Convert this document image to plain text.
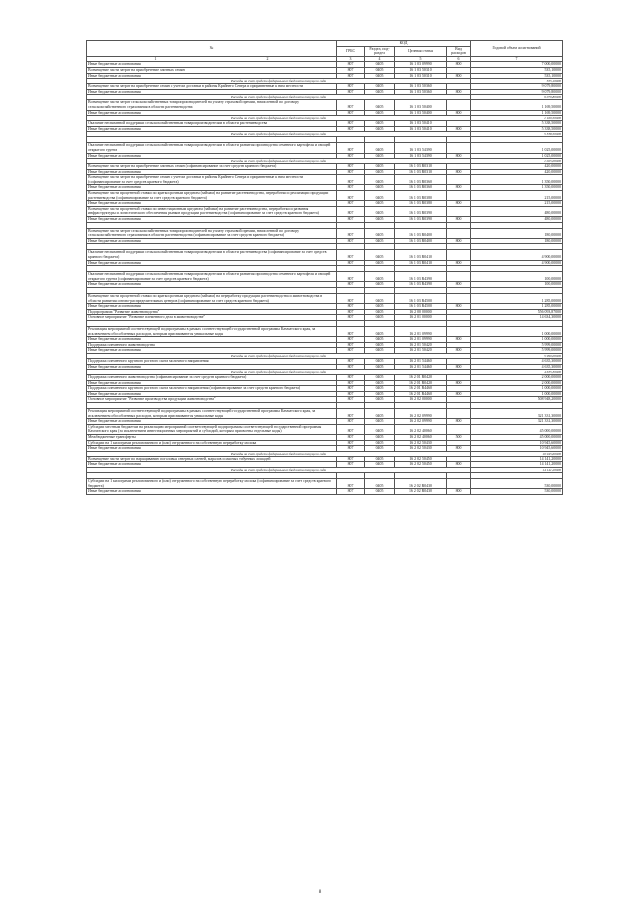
№	КОД				Годовой объем ассигнований
	ГРБС	Раздел, под-раздел	Целевая статья	Вид расходов	
1 2	3	4	5	6	7
Иные бюджетные ассигнования	807	0405	16 1 03 09990	800	7 000,00000
Возмещение части затрат на приобретение элитных семян	807	0405	16 1 03 50310		535,10000
Иные бюджетные ассигнования	807	0405	16 1 03 50310	800	535,10000
Расходы за счет средств федерального бюджета текущего года					535,10000
Возмещение части затрат на приобретение семян с учетом доставки в районы Крайнего Севера и приравненные к ним местности	807	0405	16 1 03 50360		9 079,80000
Иные бюджетные ассигнования	807	0405	16 1 03 50360	800	9 079,80000
Расходы за счет средств федерального бюджета текущего года					9 079,80000
Возмещение части затрат сельскохозяйственных товаропроизводителей на уплату страховой премии, начисленной по договору сельскохозяйственного страхования в области растениеводства	807	0405	16 1 03 50400		1 169,50000
Иные бюджетные ассигнования	807	0405	16 1 03 50400	800	1 169,50000
Расходы за счет средств федерального бюджета текущего года					1 169,50000
Оказание несвязанной поддержки сельскохозяйственным товаропроизводителям в области растениеводства	807	0405	16 1 03 50410		5 338,50000
Иные бюджетные ассигнования	807	0405	16 1 03 50410	800	5 338,50000
Расходы за счет средств федерального бюджета текущего года					5 338,50000

Оказание несвязанной поддержки сельскохозяйственным товаропроизводителям в области развития производства семенного картофеля и овощей открытого грунта	807	0405	16 1 03 54390		1 025,00000
Иные бюджетные ассигнования	807	0405	16 1 03 54390	800	1 025,00000
Расходы за счет средств федерального бюджета текущего года					1 025,00000
Возмещение части затрат на приобретение элитных семян (софинансирование за счет средств краевого бюджета)	807	0405	16 1 03 R0310		420,00000
Иные бюджетные ассигнования	807	0405	16 1 03 R0310	800	420,00000
Возмещение части затрат на приобретение семян с учетом доставки в районы Крайнего Севера и приравненные к ним местности (софинансирование за счет средств краевого бюджета)	807	0405	16 1 03 R0360		1 350,00000
Иные бюджетные ассигнования	807	0405	16 1 03 R0360	800	1 350,00000
Возмещение части процентной ставки по краткосрочным кредитам (займам) на развитие растениеводства, переработки и реализации продукции растениеводства (софинансирование за счет средств краевого бюджета)	807	0405	16 1 03 R0380		215,00000
Иные бюджетные ассигнования	807	0405	16 1 03 R0380	800	215,00000
Возмещение части процентной ставки по инвестиционным кредитам (займам) на развитие растениеводства, переработки и развития инфраструктуры и логистического обеспечения рынков продукции растениеводства (софинансирование за счет средств краевого бюджета)	807	0405	16 1 03 R0390		480,00000
Иные бюджетные ассигнования	807	0405	16 1 03 R0390	800	480,00000

Возмещение части затрат сельскохозяйственных товаропроизводителей на уплату страховой премии, начисленной по договору сельскохозяйственного страхования в области растениеводства (софинансирование за счет средств краевого бюджета)	807	0405	16 1 03 R0400		180,00000
Иные бюджетные ассигнования	807	0405	16 1 03 R0400	800	180,00000

Оказание несвязанной поддержки сельскохозяйственным товаропроизводителям в области растениеводства (софинансирование за счет средств краевого бюджета)	807	0405	16 1 03 R0410		4 900,00000
Иные бюджетные ассигнования	807	0405	16 1 03 R0410	800	4 900,00000

Оказание несвязанной поддержки сельскохозяйственным товаропроизводителям в области развития производства семенного картофеля и овощей открытого грунта (софинансирование за счет средств краевого бюджета)	807	0405	16 1 03 R4390		100,00000
Иные бюджетные ассигнования	807	0405	16 1 03 R4390	800	100,00000

Возмещение части процентной ставки по краткосрочным кредитам (займам) на переработку продукции растениеводства и животноводства в области развития оптово-распределительных центров (софинансирование за счет средств краевого бюджета)	807	0405	16 1 03 R4500		1 285,00000
Иные бюджетные ассигнования	807	0405	16 1 03 R4500	800	1 285,00000
Подпрограмма "Развитие животноводства"	807	0405	16 2 00 00000		556 093,87000
Основное мероприятие "Развитие племенного дела в животноводстве"	807	0405	16 2 01 00000		14 634,30000

Реализация мероприятий соответствующей подпрограммы в рамках соответствующей государственной программы Камчатского края, за исключением обособленных расходов, которым присваиваются уникальные коды	807	0405	16 2 01 09990		1 000,00000
Иные бюджетные ассигнования	807	0405	16 2 01 09990	800	1 000,00000
Поддержка племенного животноводства	807	0405	16 2 01 50420		5 999,00000
Иные бюджетные ассигнования	807	0405	16 2 01 50420	800	5 999,00000
Расходы за счет средств федерального бюджета текущего года					5 999,00000
Поддержка племенного крупного рогатого скота молочного направления	807	0405	16 2 01 54460		4 635,30000
Иные бюджетные ассигнования	807	0405	16 2 01 54460	800	4 635,30000
Расходы за счет средств федерального бюджета текущего года					4 635,30000
Поддержка племенного животноводства (софинансирование за счет средств краевого бюджета)	807	0405	16 2 01 R0420		2 000,00000
Иные бюджетные ассигнования	807	0405	16 2 01 R0420	800	2 000,00000
Поддержка племенного крупного рогатого скота молочного направления (софинансирование за счет средств краевого бюджета)	807	0405	16 2 01 R4460		1 000,00000
Иные бюджетные ассигнования	807	0405	16 2 01 R4460	800	1 000,00000
Основное мероприятие "Развитие производства продукции животноводства"	807	0405	16 2 02 00000		508 948,20000

Реализация мероприятий соответствующей подпрограммы в рамках соответствующей государственной программы Камчатского края, за исключением обособленных расходов, которым присваиваются уникальные коды	807	0405	16 2 02 09990		321 331,30000
Иные бюджетные ассигнования	807	0405	16 2 02 09990	800	321 331,30000
Субсидии местным бюджетам на реализацию мероприятий соответствующей подпрограммы соответствующей государственной программы Камчатского края (за исключением инвестиционных мероприятий и субсидий, которым присвоены отдельные коды)	807	0405	16 2 02 40060		45 000,00000
Межбюджетные трансферты	807	0405	16 2 02 40060	500	45 000,00000
Субсидии на 1 килограмм реализованного и (или) отгруженного на собственную переработку молока	807	0405	16 2 02 50430		10 945,60000
Иные бюджетные ассигнования	807	0405	16 2 02 50430	800	10 945,60000
Расходы за счет средств федерального бюджета текущего года					10 945,60000
Возмещение части затрат по наращиванию поголовья северных оленей, маралов и мясных табунных лошадей	807	0405	16 2 02 50450		14 141,20000
Иные бюджетные ассигнования	807	0405	16 2 02 50450	800	14 141,20000
Расходы за счет средств федерального бюджета текущего года					14 141,20000

Субсидии на 1 килограмм реализованного и (или) отгруженного на собственную переработку молока (софинансирование за счет средств краевого бюджета)	807	0405	16 2 02 R0430		530,00000
Иные бюджетные ассигнования	807	0405	16 2 02 R0430	800	530,00000
8
